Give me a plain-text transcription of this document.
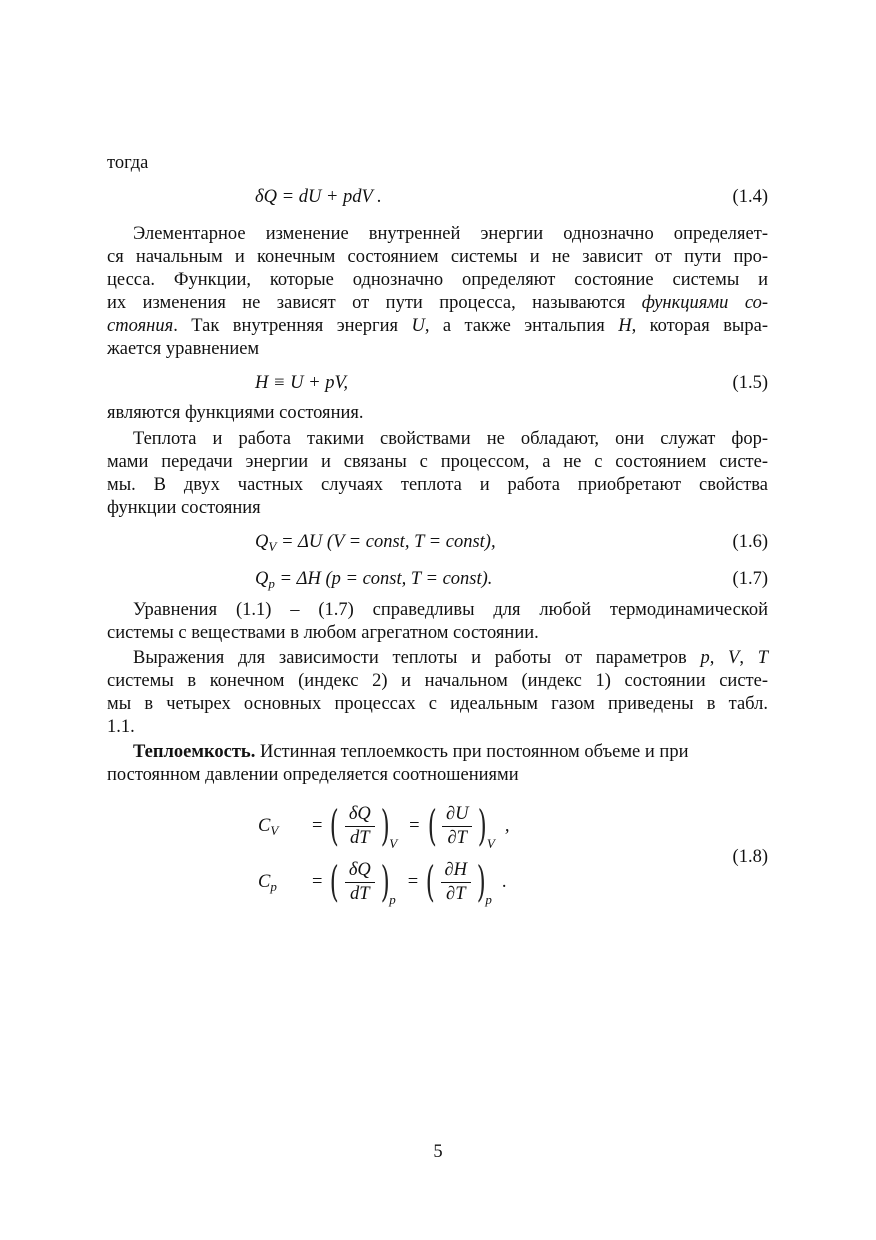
тогда
δQ = dU + pdV .	(1.4)
Элементарное изменение внутренней энергии однозначно определяет-
ся начальным и конечным состоянием системы и не зависит от пути про-
цесса. Функции, которые однозначно определяют состояние системы и
их изменения не зависят от пути процесса, называются функциями со-
стояния. Так внутренняя энергия U, а также энтальпия H, которая выра-
жается уравнением
H ≡ U + pV,	(1.5)
являются функциями состояния.
Теплота и работа такими свойствами не обладают, они служат фор-
мами передачи энергии и связаны с процессом, а не с состоянием систе-
мы. В двух частных случаях теплота и работа приобретают свойства
функции состояния
$Q_V = \Delta U$ (V = const, T = const),	(1.6)
$Q_p = \Delta H$ (p = const, T = const).	(1.7)
Уравнения (1.1) – (1.7) справедливы для любой термодинамической
системы с веществами в любом агрегатном состоянии.
Выражения для зависимости теплоты и работы от параметров p, V, T
системы в конечном (индекс 2) и начальном (индекс 1) состоянии систе-
мы в четырех основных процессах с идеальным газом приведены в табл.
1.1.
Теплоемкость. Истинная теплоемкость при постоянном объеме и при
постоянном давлении определяется соотношениями
$C_V$	= ( $\frac{\delta Q}{dT}$ ) V
= ( $\frac{\partial U}{\partial T}$ ) V
,
$C_p$	= ( $\frac{\delta Q}{dT}$ ) p
= ( $\frac{\partial H}{\partial T}$ ) p
.
(1.8)
5
